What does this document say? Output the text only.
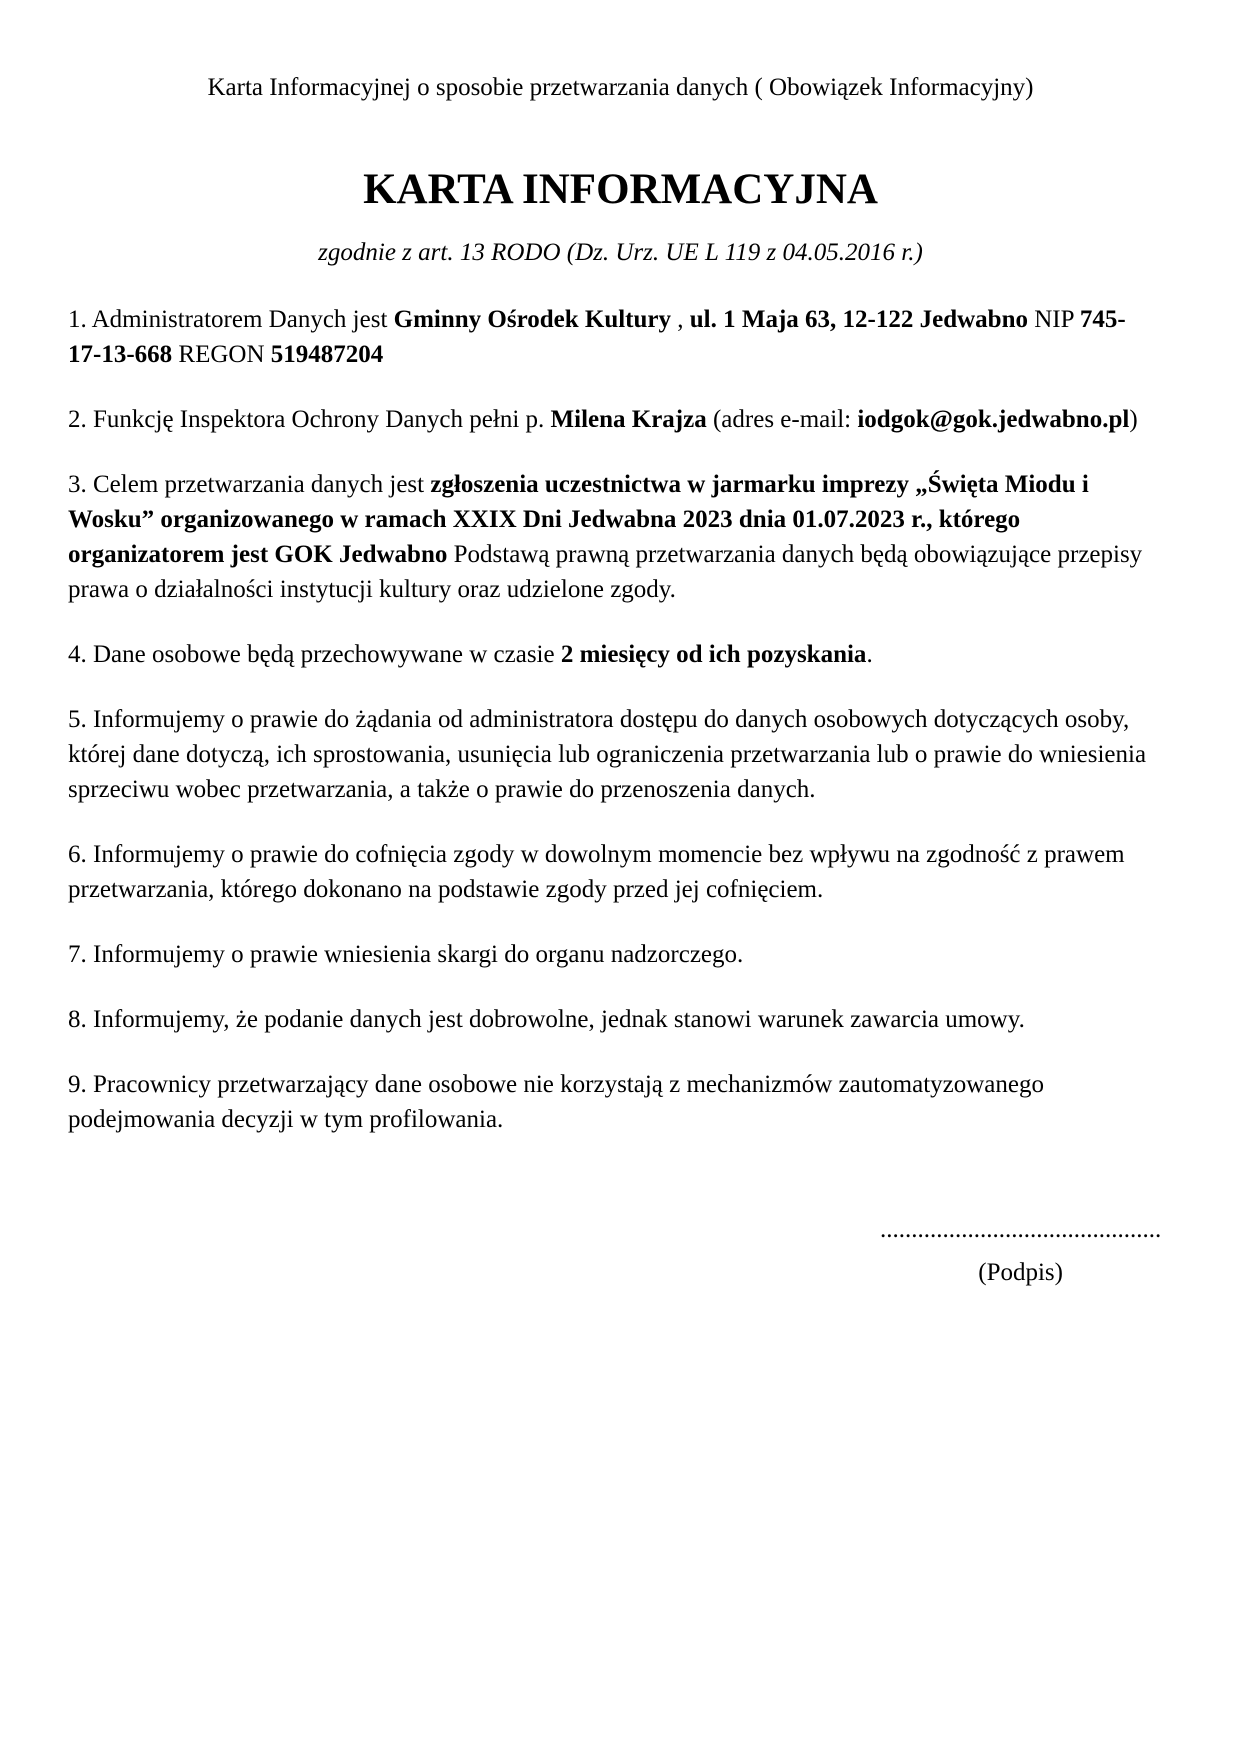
Karta Informacyjnej o sposobie przetwarzania danych ( Obowiązek Informacyjny)
KARTA INFORMACYJNA
zgodnie z art. 13 RODO (Dz. Urz. UE L 119 z 04.05.2016 r.)
1. Administratorem Danych jest Gminny Ośrodek Kultury , ul. 1 Maja 63, 12-122 Jedwabno NIP 745-
17-13-668 REGON 519487204
2. Funkcję Inspektora Ochrony Danych pełni p. Milena Krajza (adres e-mail: iodgok@gok.jedwabno.pl)
3. Celem przetwarzania danych jest zgłoszenia uczestnictwa w jarmarku imprezy „Święta Miodu i
Wosku” organizowanego w ramach XXIX Dni Jedwabna 2023 dnia 01.07.2023 r., którego
organizatorem jest GOK Jedwabno Podstawą prawną przetwarzania danych będą obowiązujące przepisy
prawa o działalności instytucji kultury oraz udzielone zgody.
4. Dane osobowe będą przechowywane w czasie 2 miesięcy od ich pozyskania.
5. Informujemy o prawie do żądania od administratora dostępu do danych osobowych dotyczących osoby,
której dane dotyczą, ich sprostowania, usunięcia lub ograniczenia przetwarzania lub o prawie do wniesienia
sprzeciwu wobec przetwarzania, a także o prawie do przenoszenia danych.
6. Informujemy o prawie do cofnięcia zgody w dowolnym momencie bez wpływu na zgodność z prawem
przetwarzania, którego dokonano na podstawie zgody przed jej cofnięciem.
7. Informujemy o prawie wniesienia skargi do organu nadzorczego.
8. Informujemy, że podanie danych jest dobrowolne, jednak stanowi warunek zawarcia umowy.
9. Pracownicy przetwarzający dane osobowe nie korzystają z mechanizmów zautomatyzowanego
podejmowania decyzji w tym profilowania.
.............................................
(Podpis)
